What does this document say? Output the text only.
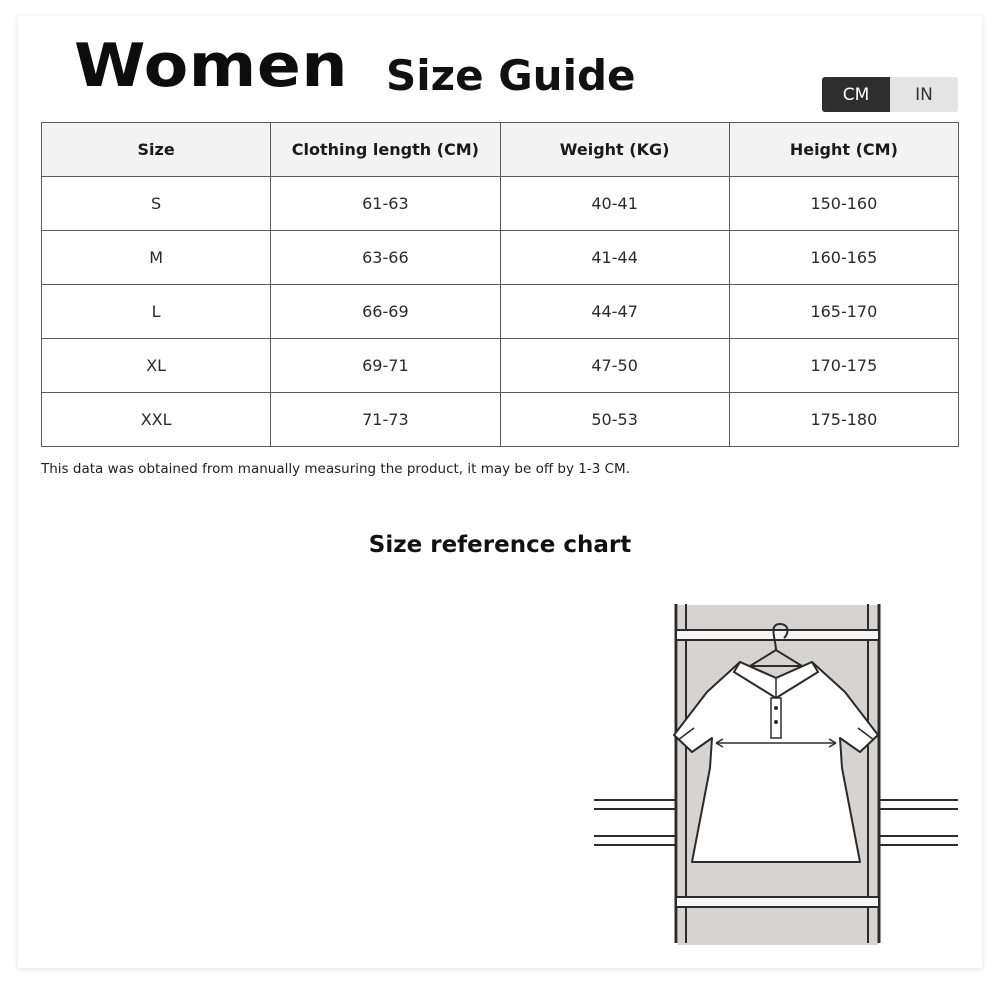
Women Size Guide	CM	IN
Size	Clothing length (CM)	Weight (KG)	Height (CM)
S	61-63	40-41	150-160
M	63-66	41-44	160-165
L	66-69	44-47	165-170
XL	69-71	47-50	170-175
XXL	71-73	50-53	175-180
This data was obtained from manually measuring the product, it may be off by 1-3 CM.
Size reference chart
